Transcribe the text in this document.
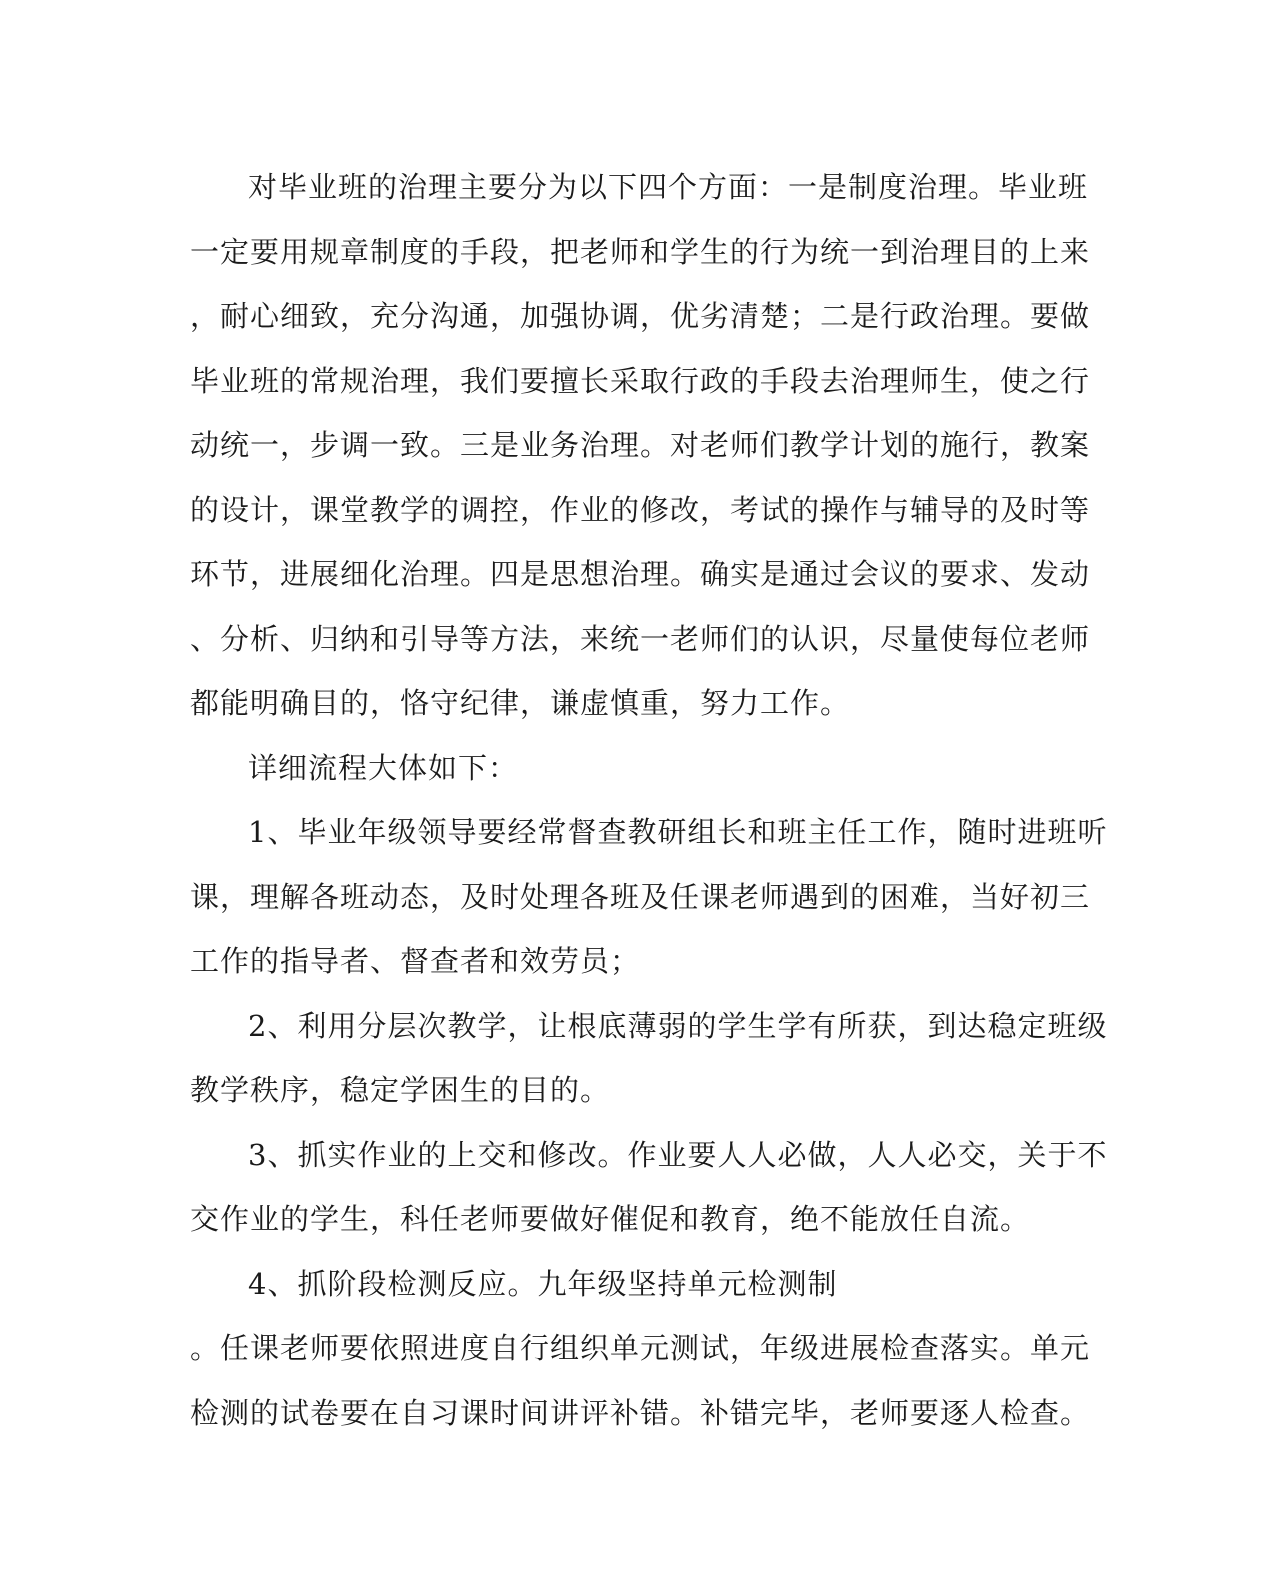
对毕业班的治理主要分为以下四个方面：一是制度治理。毕业班
一定要用规章制度的手段，把老师和学生的行为统一到治理目的上来
，耐心细致，充分沟通，加强协调，优劣清楚；二是行政治理。要做
毕业班的常规治理，我们要擅长采取行政的手段去治理师生，使之行
动统一，步调一致。三是业务治理。对老师们教学计划的施行，教案
的设计，课堂教学的调控，作业的修改，考试的操作与辅导的及时等
环节，进展细化治理。四是思想治理。确实是通过会议的要求、发动
、分析、归纳和引导等方法，来统一老师们的认识，尽量使每位老师
都能明确目的，恪守纪律，谦虚慎重，努力工作。
详细流程大体如下：
1、毕业年级领导要经常督查教研组长和班主任工作，随时进班听
课，理解各班动态，及时处理各班及任课老师遇到的困难，当好初三
工作的指导者、督查者和效劳员；
2、利用分层次教学，让根底薄弱的学生学有所获，到达稳定班级
教学秩序，稳定学困生的目的。
3、抓实作业的上交和修改。作业要人人必做，人人必交，关于不
交作业的学生，科任老师要做好催促和教育，绝不能放任自流。
4、抓阶段检测反应。九年级坚持单元检测制
。任课老师要依照进度自行组织单元测试，年级进展检查落实。单元
检测的试卷要在自习课时间讲评补错。补错完毕，老师要逐人检查。
